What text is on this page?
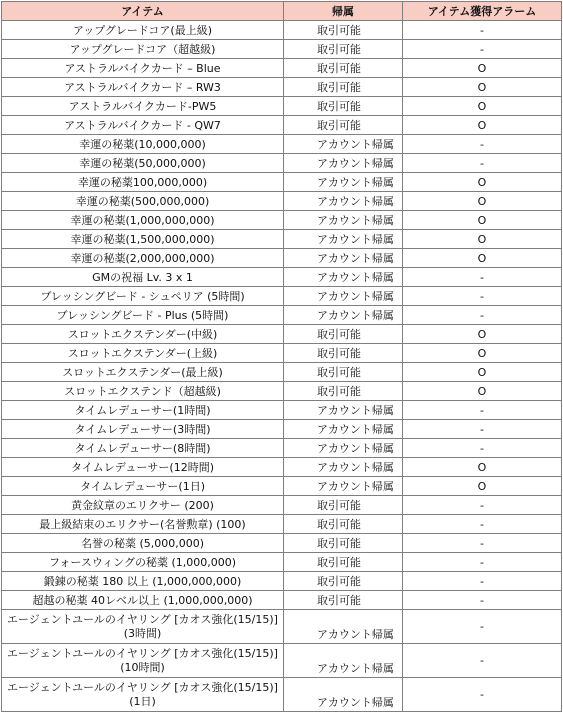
アイテム	帰属	アイテム獲得アラーム
アップグレードコア(最上級)	取引可能	-
アップグレードコア（超越級)	取引可能	-
アストラルバイクカード – Blue	取引可能	O
アストラルバイクカード – RW3	取引可能	O
アストラルバイクカード-PW5	取引可能	O
アストラルバイクカード - QW7	取引可能	O
幸運の秘薬(10,000,000)	アカウント帰属	-
幸運の秘薬(50,000,000)	アカウント帰属	-
幸運の秘薬100,000,000)	アカウント帰属	O
幸運の秘薬(500,000,000)	アカウント帰属	O
幸運の秘薬(1,000,000,000)	アカウント帰属	O
幸運の秘薬(1,500,000,000)	アカウント帰属	O
幸運の秘薬(2,000,000,000)	アカウント帰属	O
GMの祝福 Lv. 3 x 1	アカウント帰属	-
ブレッシングビード - シュペリア (5時間)	アカウント帰属	-
ブレッシングビード - Plus (5時間)	アカウント帰属	-
スロットエクステンダー(中級)	取引可能	O
スロットエクステンダー(上級)	取引可能	O
スロットエクステンダー(最上級)	取引可能	O
スロットエクステンド（超越級)	取引可能	O
タイムレデューサー(1時間)	アカウント帰属	-
タイムレデューサー(3時間)	アカウント帰属	-
タイムレデューサー(8時間)	アカウント帰属	-
タイムレデューサー(12時間)	アカウント帰属	O
タイムレデューサー(1日)	アカウント帰属	O
黄金紋章のエリクサー (200)	取引可能	-
最上級結束のエリクサー(名誉勲章) (100)	取引可能	-
名誉の秘薬 (5,000,000)	取引可能	-
フォースウィングの秘薬 (1,000,000)	取引可能	-
鍛錬の秘薬 180 以上 (1,000,000,000)	取引可能	-
超越の秘薬 40レベル以上 (1,000,000,000)	取引可能	-
エージェントユールのイヤリング [カオス強化(15/15)] (3時間)	アカウント帰属	-
エージェントユールのイヤリング [カオス強化(15/15)] (10時間)	アカウント帰属	-
エージェントユールのイヤリング [カオス強化(15/15)] (1日)	アカウント帰属	-
